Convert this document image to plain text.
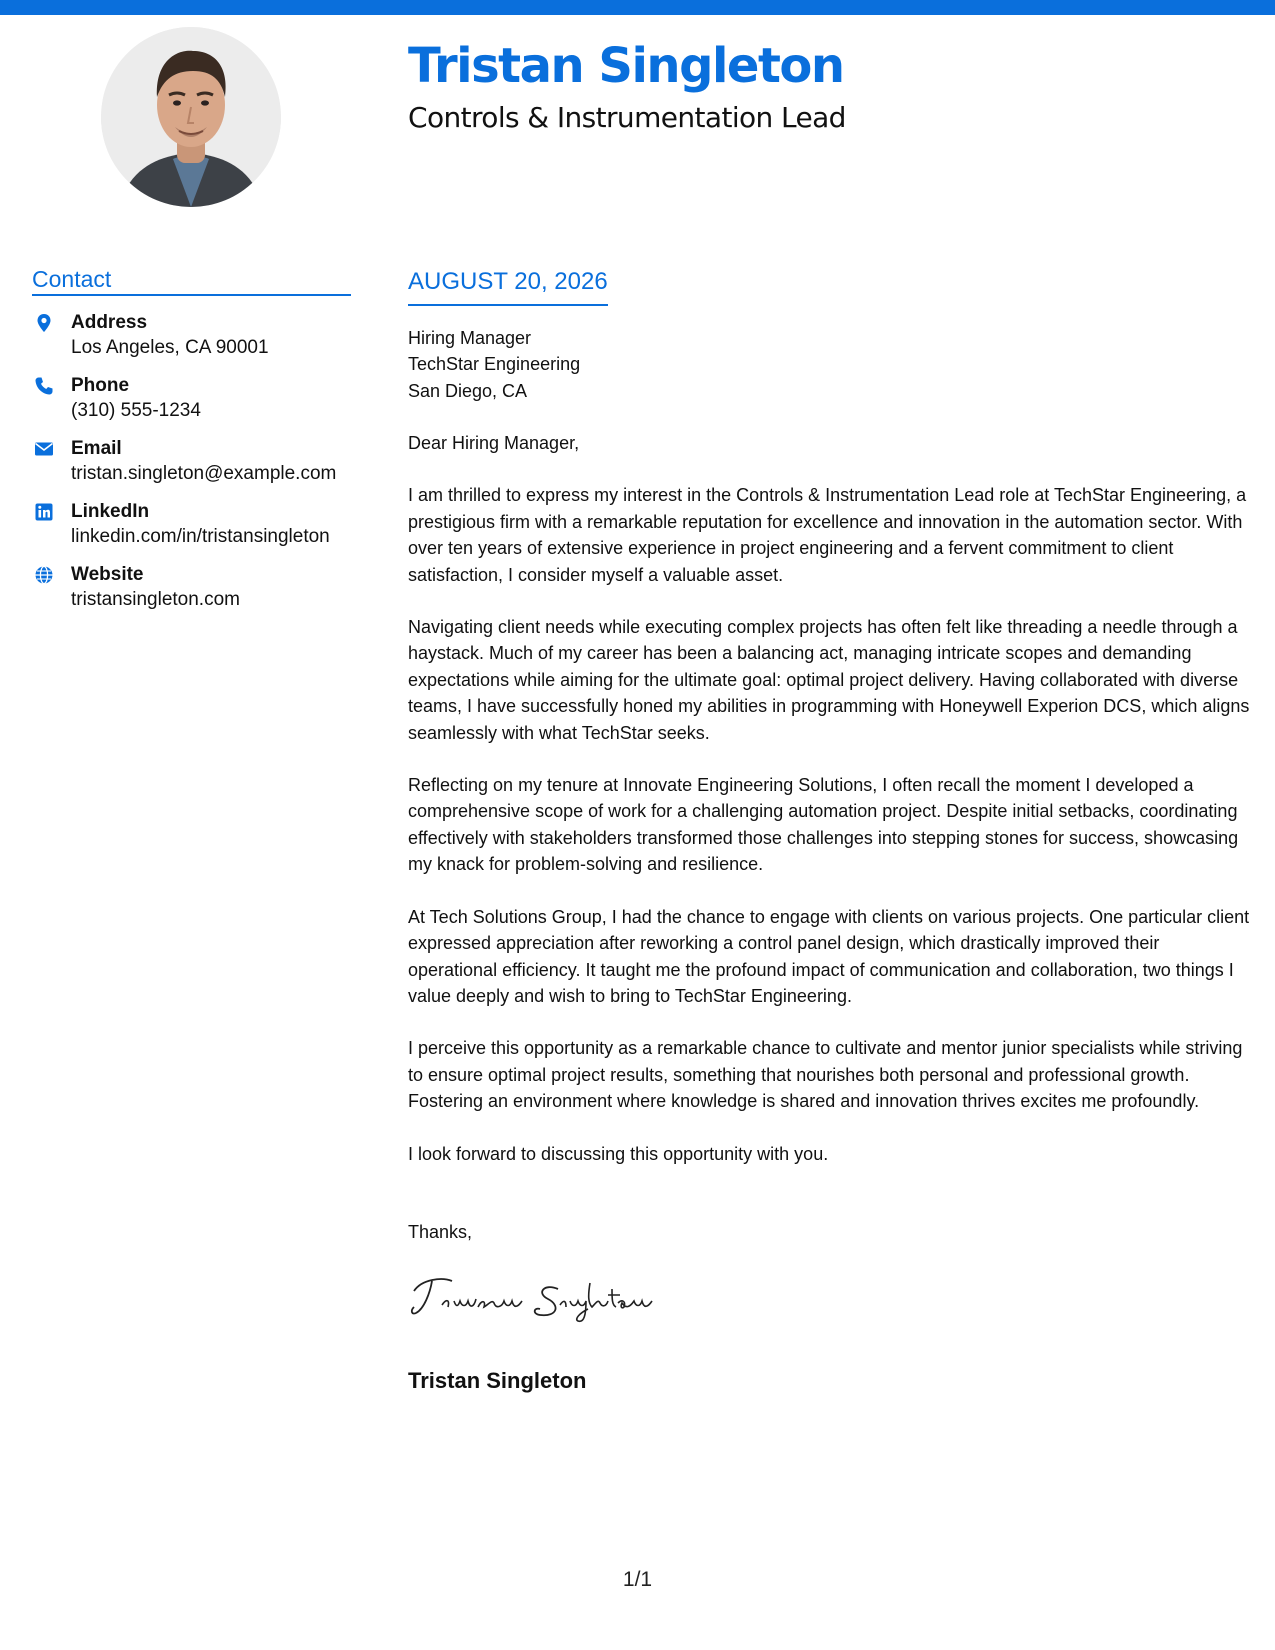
Tristan Singleton
Controls & Instrumentation Lead
Contact
Address
Los Angeles, CA 90001
Phone
(310) 555-1234
Email
tristan.singleton@example.com
LinkedIn
linkedin.com/in/tristansingleton
Website
tristansingleton.com
AUGUST 20, 2026
Hiring Manager
TechStar Engineering
San Diego, CA

Dear Hiring Manager,

I am thrilled to express my interest in the Controls & Instrumentation Lead role at TechStar Engineering, a prestigious firm with a remarkable reputation for excellence and innovation in the automation sector. With over ten years of extensive experience in project engineering and a fervent commitment to client satisfaction, I consider myself a valuable asset.

Navigating client needs while executing complex projects has often felt like threading a needle through a haystack. Much of my career has been a balancing act, managing intricate scopes and demanding expectations while aiming for the ultimate goal: optimal project delivery. Having collaborated with diverse teams, I have successfully honed my abilities in programming with Honeywell Experion DCS, which aligns seamlessly with what TechStar seeks.

Reflecting on my tenure at Innovate Engineering Solutions, I often recall the moment I developed a comprehensive scope of work for a challenging automation project. Despite initial setbacks, coordinating effectively with stakeholders transformed those challenges into stepping stones for success, showcasing my knack for problem-solving and resilience.

At Tech Solutions Group, I had the chance to engage with clients on various projects. One particular client expressed appreciation after reworking a control panel design, which drastically improved their operational efficiency. It taught me the profound impact of communication and collaboration, two things I value deeply and wish to bring to TechStar Engineering.

I perceive this opportunity as a remarkable chance to cultivate and mentor junior specialists while striving to ensure optimal project results, something that nourishes both personal and professional growth. Fostering an environment where knowledge is shared and innovation thrives excites me profoundly.

I look forward to discussing this opportunity with you.

Thanks,

Tristan Singleton

1/1
